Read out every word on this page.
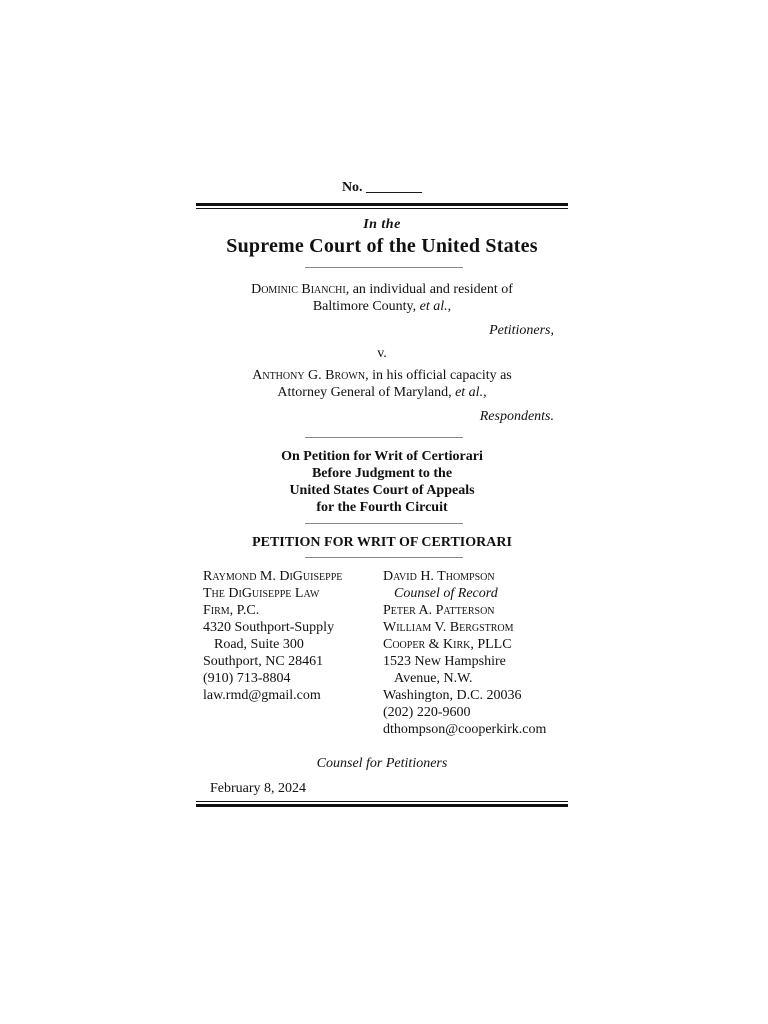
No. ________
In the
Supreme Court of the United States
Dominic Bianchi, an individual and resident of
Baltimore County, et al.,
Petitioners,
v.
Anthony G. Brown, in his official capacity as
Attorney General of Maryland, et al.,
Respondents.
On Petition for Writ of Certiorari
Before Judgment to the
United States Court of Appeals
for the Fourth Circuit
PETITION FOR WRIT OF CERTIORARI
Raymond M. DiGuiseppe
The DiGuiseppe Law
Firm, P.C.
4320 Southport-Supply
Road, Suite 300
Southport, NC 28461
(910) 713-8804
law.rmd@gmail.com
David H. Thompson
Counsel of Record
Peter A. Patterson
William V. Bergstrom
Cooper & Kirk, PLLC
1523 New Hampshire
Avenue, N.W.
Washington, D.C. 20036
(202) 220-9600
dthompson@cooperkirk.com
Counsel for Petitioners
February 8, 2024
